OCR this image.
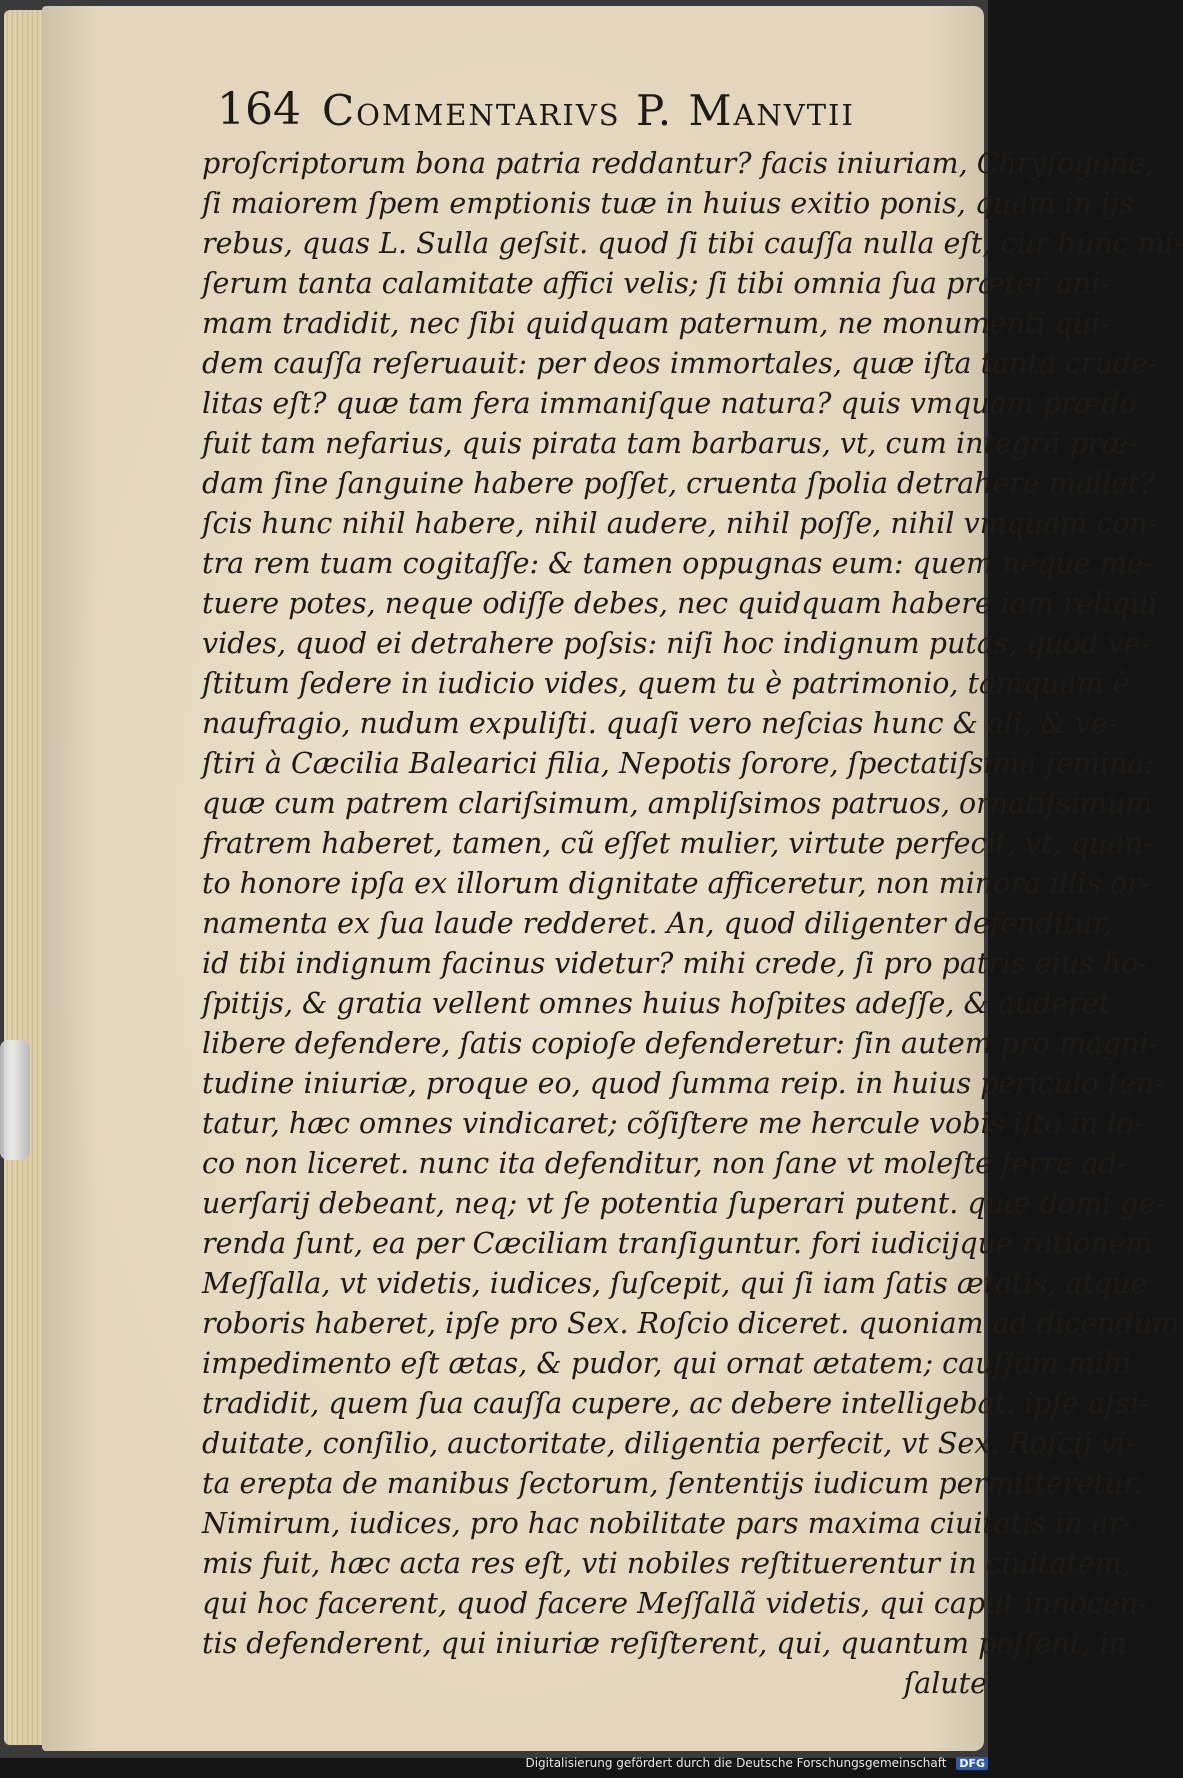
164 Commentarivs P. Manvtii
proſcriptorum bona patria reddantur? facis iniuriam, Chryſogone,
ſi maiorem ſpem emptionis tuæ in huius exitio ponis, quam in ijs
rebus, quas L. Sulla geſsit. quod ſi tibi cauſſa nulla eſt, cur hunc mi-
ſerum tanta calamitate affici velis; ſi tibi omnia ſua præter ani-
mam tradidit, nec ſibi quidquam paternum, ne monumenti qui-
dem cauſſa reſeruauit: per deos immortales, quæ iſta tanta crude-
litas eſt? quæ tam fera immaniſque natura? quis vmquam prædo
fuit tam nefarius, quis pirata tam barbarus, vt, cum integrã præ-
dam ſine ſanguine habere poſſet, cruenta ſpolia detrahere mallet?
ſcis hunc nihil habere, nihil audere, nihil poſſe, nihil vmquam con-
tra rem tuam cogitaſſe: & tamen oppugnas eum: quem neque me-
tuere potes, neque odiſſe debes, nec quidquam habere iam reliqui
vides, quod ei detrahere poſsis: niſi hoc indignum putas, quod ve-
ſtitum ſedere in iudicio vides, quem tu è patrimonio, tamquam è
naufragio, nudum expuliſti. quaſi vero neſcias hunc & ali, & ve-
ſtiri à Cæcilia Balearici filia, Nepotis ſorore, ſpectatiſsima femina:
quæ cum patrem clariſsimum, ampliſsimos patruos, ornatiſsimum
fratrem haberet, tamen, cũ eſſet mulier, virtute perfecit, vt, quan-
to honore ipſa ex illorum dignitate afficeretur, non minora illis or-
namenta ex ſua laude redderet. An, quod diligenter defenditur,
id tibi indignum facinus videtur? mihi crede, ſi pro patris eius ho-
ſpitijs, & gratia vellent omnes huius hoſpites adeſſe, & auderẽt
libere defendere, ſatis copioſe defenderetur: ſin autem pro magni-
tudine iniuriæ, proque eo, quod ſumma reip. in huius periculo ten-
tatur, hæc omnes vindicaret; cõſiſtere me hercule vobis iſto in lo-
co non liceret. nunc ita defenditur, non ſane vt moleſte ferre ad-
uerſarij debeant, neq; vt ſe potentia ſuperari putent. quæ domi ge-
renda ſunt, ea per Cæciliam tranſiguntur. fori iudicijque rationem
Meſſalla, vt videtis, iudices, ſuſcepit, qui ſi iam ſatis ætatis, atque
roboris haberet, ipſe pro Sex. Roſcio diceret. quoniam ad dicendum
impedimento eſt ætas, & pudor, qui ornat ætatem; cauſſam mihi
tradidit, quem ſua cauſſa cupere, ac debere intelligebat. ipſe aſsi-
duitate, conſilio, auctoritate, diligentia perfecit, vt Sex. Roſcij vi-
ta erepta de manibus ſectorum, ſententijs iudicum permitteretur.
Nimirum, iudices, pro hac nobilitate pars maxima ciuitatis in ar-
mis fuit, hæc acta res eſt, vti nobiles reſtituerentur in ciuitatem,
qui hoc facerent, quod facere Meſſallã videtis, qui caput innocen-
tis defenderent, qui iniuriæ reſiſterent, qui, quantum poſſent, in
ſalute
Digitalisierung gefördert durch die Deutsche Forschungsgemeinschaft DFG
